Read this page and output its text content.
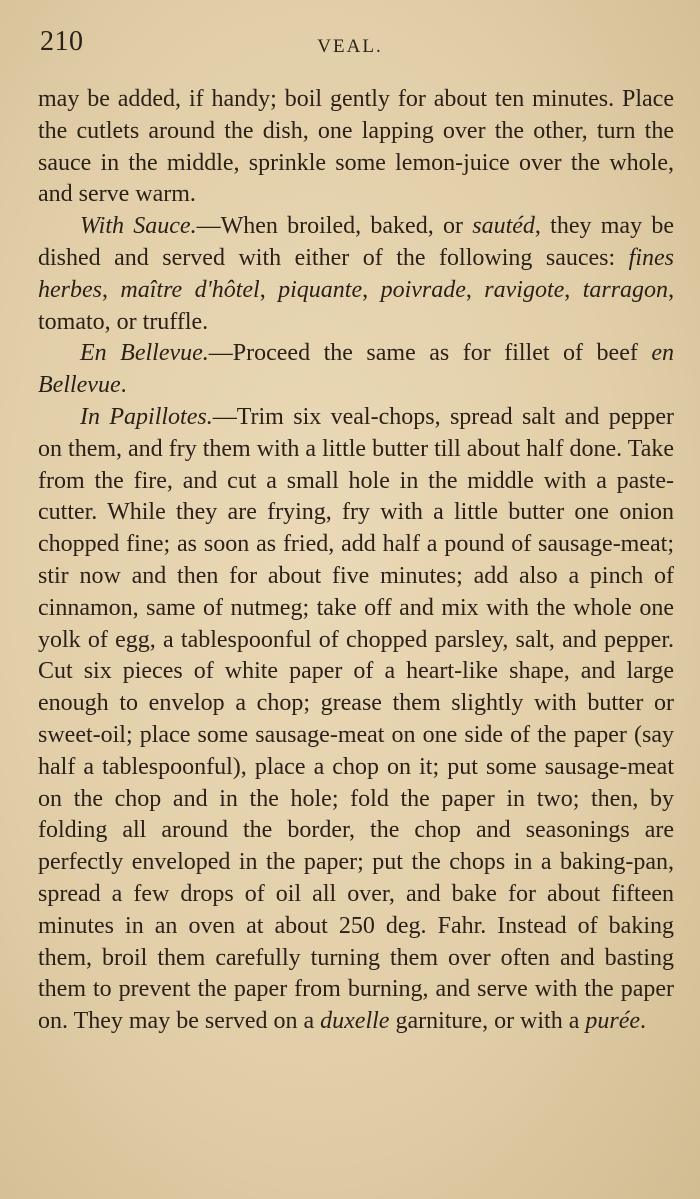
210	VEAL.

may be added, if handy; boil gently for about ten minutes. Place the cutlets around the dish, one lapping over the other, turn the sauce in the middle, sprinkle some lemon-juice over the whole, and serve warm.

With Sauce.—When broiled, baked, or sautéd, they may be dished and served with either of the following sauces: fines herbes, maître d'hôtel, piquante, poivrade, ravigote, tarragon, tomato, or truffle.

En Bellevue.—Proceed the same as for fillet of beef en Bellevue.

In Papillotes.—Trim six veal-chops, spread salt and pepper on them, and fry them with a little butter till about half done. Take from the fire, and cut a small hole in the middle with a paste-cutter. While they are frying, fry with a little butter one onion chopped fine; as soon as fried, add half a pound of sausage-meat; stir now and then for about five minutes; add also a pinch of cinnamon, same of nutmeg; take off and mix with the whole one yolk of egg, a tablespoonful of chopped parsley, salt, and pepper. Cut six pieces of white paper of a heart-like shape, and large enough to envelop a chop; grease them slightly with butter or sweet-oil; place some sausage-meat on one side of the paper (say half a tablespoonful), place a chop on it; put some sausage-meat on the chop and in the hole; fold the paper in two; then, by folding all around the border, the chop and seasonings are perfectly enveloped in the paper; put the chops in a baking-pan, spread a few drops of oil all over, and bake for about fifteen minutes in an oven at about 250 deg. Fahr. Instead of baking them, broil them carefully turning them over often and basting them to prevent the paper from burning, and serve with the paper on. They may be served on a duxelle garniture, or with a purée.
